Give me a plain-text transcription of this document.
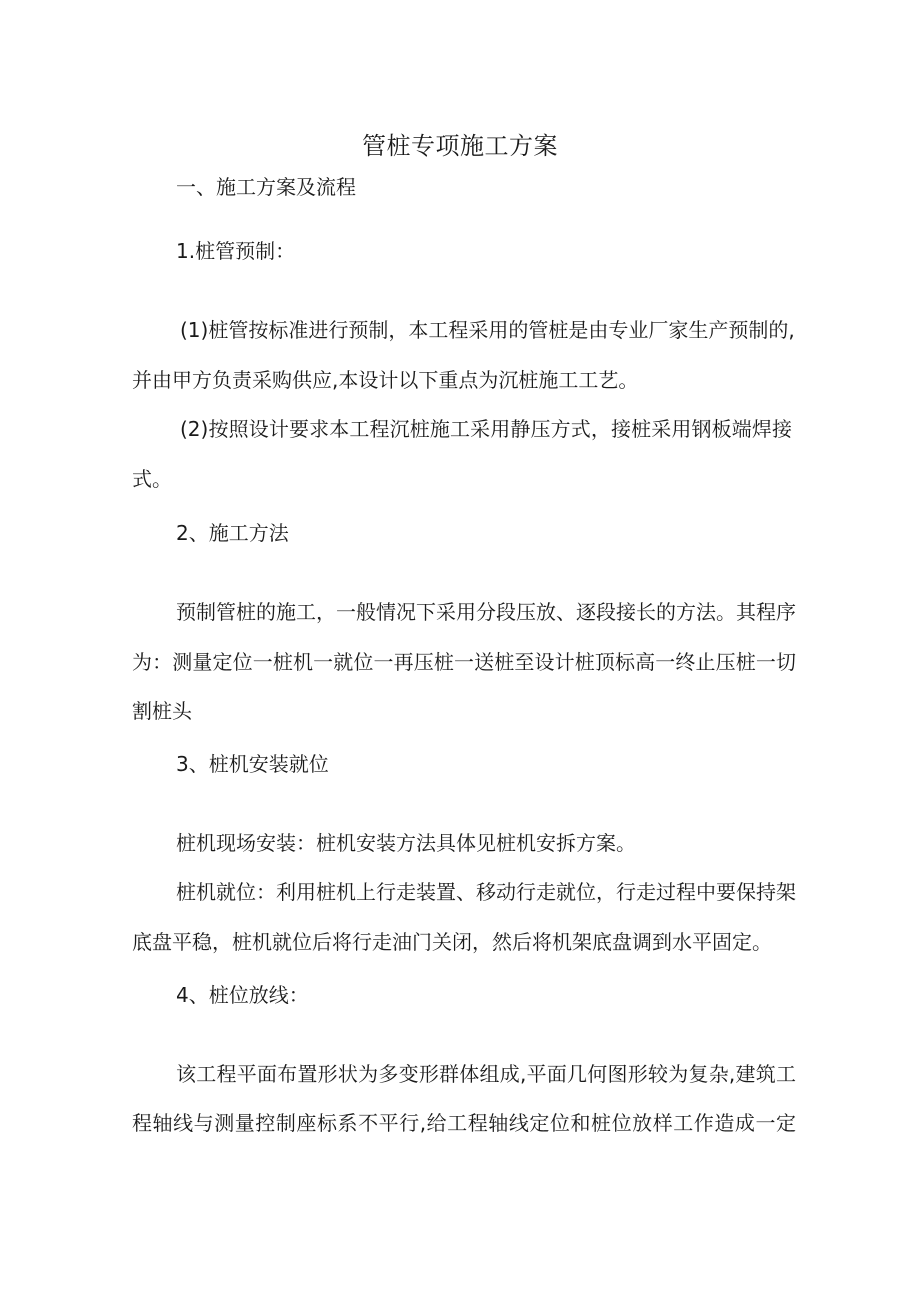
管桩专项施工方案
一、施工方案及流程
1.桩管预制：
(1)桩管按标准进行预制，本工程采用的管桩是由专业厂家生产预制的,
并由甲方负责采购供应,本设计以下重点为沉桩施工工艺。
(2)按照设计要求本工程沉桩施工采用静压方式，接桩采用钢板端焊接
式。
2、施工方法
预制管桩的施工，一般情况下采用分段压放、逐段接长的方法。其程序
为：测量定位一桩机一就位一再压桩一送桩至设计桩顶标高一终止压桩一切
割桩头
3、桩机安装就位
桩机现场安装：桩机安装方法具体见桩机安拆方案。
桩机就位：利用桩机上行走装置、移动行走就位，行走过程中要保持架
底盘平稳，桩机就位后将行走油门关闭，然后将机架底盘调到水平固定。
4、桩位放线：
该工程平面布置形状为多变形群体组成,平面几何图形较为复杂,建筑工
程轴线与测量控制座标系不平行,给工程轴线定位和桩位放样工作造成一定
